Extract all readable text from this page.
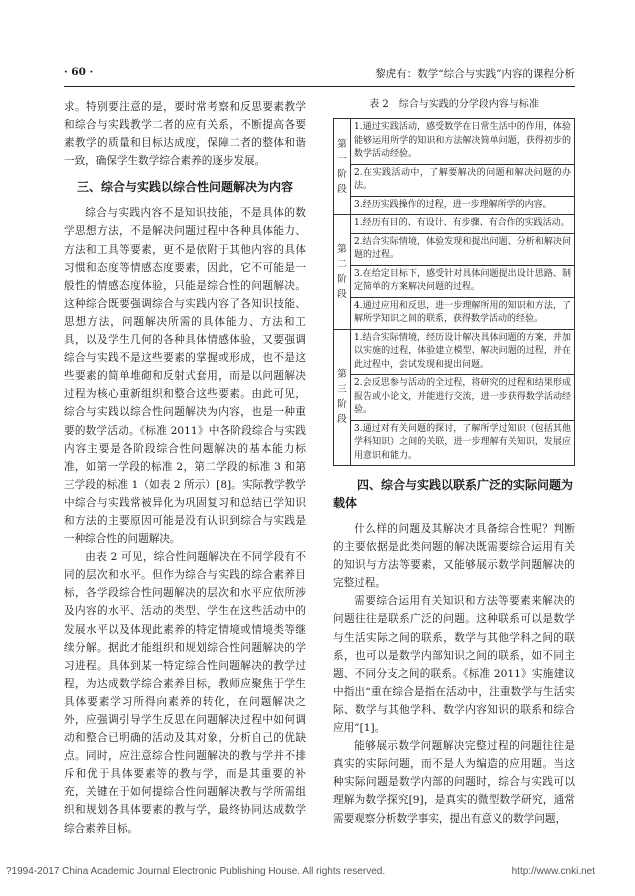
· 60 ·	黎虎有：数学“综合与实践”内容的课程分析

求。特别要注意的是，要时常考察和反思要素教学和综合与实践教学二者的应有关系，不断提高各要素教学的质量和目标达成度，保障二者的整体和谐一致，确保学生数学综合素养的逐步发展。

三、综合与实践以综合性问题解决为内容

综合与实践内容不是知识技能，不是具体的数学思想方法，不是解决问题过程中各种具体能力、方法和工具等要素，更不是依附于其他内容的具体习惯和态度等情感态度要素，因此，它不可能是一般性的情感态度体验，只能是综合性的问题解决。这种综合既要强调综合与实践内容了各知识技能、思想方法，问题解决所需的具体能力、方法和工具，以及学生几何的各种具体情感体验，又要强调综合与实践不是这些要素的掌握或形成，也不是这些要素的简单堆砌和反射式套用，而是以问题解决过程为核心重新组织和整合这些要素。由此可见，综合与实践以综合性问题解决为内容，也是一种重要的数学活动。《标准 2011》中各阶段综合与实践内容主要是各阶段综合性问题解决的基本能力标准，如第一学段的标准 2，第二学段的标准 3 和第三学段的标准 1（如表 2 所示）[8]。实际教学教学中综合与实践常被异化为巩固复习和总结已学知识和方法的主要原因可能是没有认识到综合与实践是一种综合性的问题解决。

由表 2 可见，综合性问题解决在不同学段有不同的层次和水平。但作为综合与实践的综合素养目标，各学段综合性问题解决的层次和水平应依所涉及内容的水平、活动的类型、学生在这些活动中的发展水平以及体现此素养的特定情境或情境类等继续分解。据此才能组织和规划综合性问题解决的学习进程。具体到某一特定综合性问题解决的教学过程，为达成数学综合素养目标，教师应聚焦于学生具体要素学习所得向素养的转化，在问题解决之外，应强调引导学生反思在问题解决过程中如何调动和整合已明确的活动及其对象，分析自己的优缺点。同时，应注意综合性问题解决的教与学并不排斥和优于具体要素等的教与学，而是其重要的补充，关键在于如何提综合性问题解决教与学所需组织和规划各具体要素的教与学，最终协同达成数学综合素养目标。

表 2　综合与实践的分学段内容与标准
第
一
阶
段	1.通过实践活动，感受数学在日常生活中的作用，体验能够运用所学的知识和方法解决简单问题，获得初步的数学活动经验。
	2.在实践活动中，了解要解决的问题和解决问题的办法。
	3.经历实践操作的过程，进一步理解所学的内容。

第
二
阶
段	1.经历有目的、有设计、有步骤、有合作的实践活动。
	2.结合实际情境，体验发现和提出问题、分析和解决问题的过程。
	3.在给定目标下，感受针对具体问题提出设计思路、制定简单的方案解决问题的过程。
	4.通过应用和反思，进一步理解所用的知识和方法，了解所学知识之间的联系，获得数学活动的经验。

第
三
阶
段	1.结合实际情境，经历设计解决具体问题的方案，并加以实施的过程，体验建立模型、解决问题的过程，并在此过程中，尝试发现和提出问题。
	2.会反思参与活动的全过程，将研究的过程和结果形成报告或小论文，并能进行交流，进一步获得数学活动经验。
	3.通过对有关问题的探讨，了解所学过知识（包括其他学科知识）之间的关联，进一步理解有关知识，发展应用意识和能力。
四、综合与实践以联系广泛的实际问题为载体

什么样的问题及其解决才具备综合性呢？判断的主要依据是此类问题的解决既需要综合运用有关的知识与方法等要素，又能够展示数学问题解决的完整过程。

需要综合运用有关知识和方法等要素来解决的问题往往是联系广泛的问题。这种联系可以是数学与生活实际之间的联系，数学与其他学科之间的联系，也可以是数学内部知识之间的联系，如不同主题、不同分支之间的联系。《标准 2011》实施建议中指出“重在综合是指在活动中，注重数学与生活实际、数学与其他学科、数学内容知识的联系和综合应用”[1]。

能够展示数学问题解决完整过程的问题往往是真实的实际问题，而不是人为编造的应用题。当这种实际问题是数学内部的问题时，综合与实践可以理解为数学探究[9]，是真实的微型数学研究，通常需要观察分析数学事实，提出有意义的数学问题，

?1994-2017 China Academic Journal Electronic Publishing House. All rights reserved.	http://www.cnki.net
